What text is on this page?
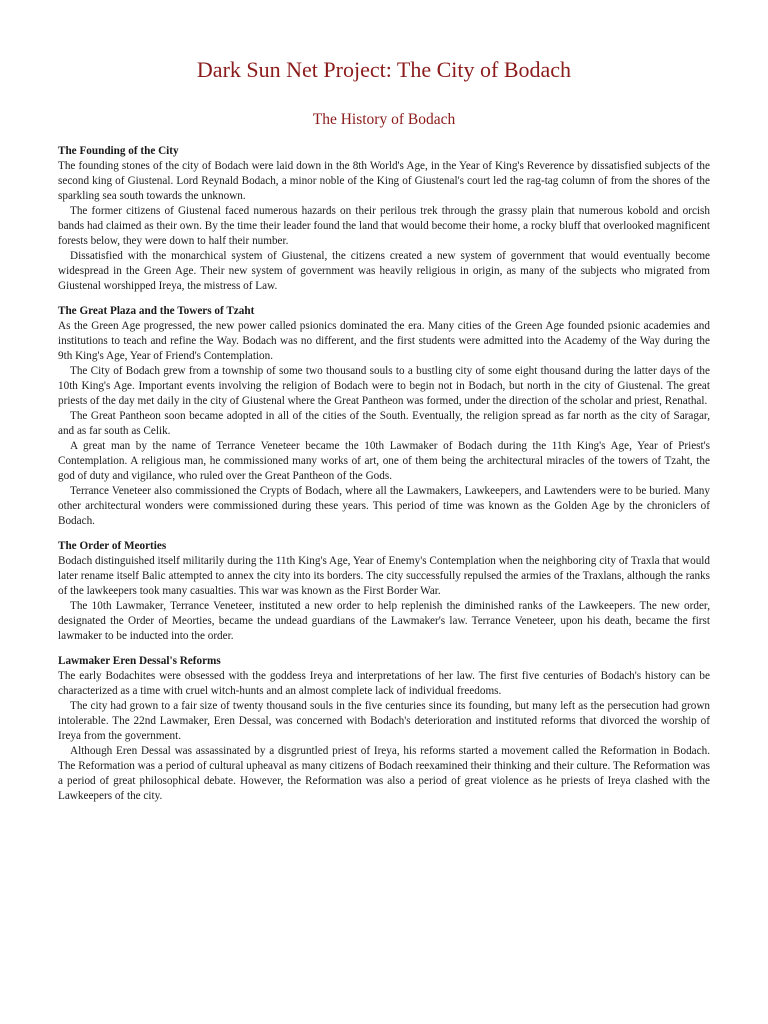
Dark Sun Net Project: The City of Bodach
The History of Bodach

The Founding of the City

The founding stones of the city of Bodach were laid down in the 8th World's Age, in the Year of King's Reverence by dissatisfied subjects of the second king of Giustenal. Lord Reynald Bodach, a minor noble of the King of Giustenal's court led the rag-tag column of from the shores of the sparkling sea south towards the unknown.

The former citizens of Giustenal faced numerous hazards on their perilous trek through the grassy plain that numerous kobold and orcish bands had claimed as their own. By the time their leader found the land that would become their home, a rocky bluff that overlooked magnificent forests below, they were down to half their number.

Dissatisfied with the monarchical system of Giustenal, the citizens created a new system of government that would eventually become widespread in the Green Age. Their new system of government was heavily religious in origin, as many of the subjects who migrated from Giustenal worshipped Ireya, the mistress of Law.

The Great Plaza and the Towers of Tzaht

As the Green Age progressed, the new power called psionics dominated the era. Many cities of the Green Age founded psionic academies and institutions to teach and refine the Way. Bodach was no different, and the first students were admitted into the Academy of the Way during the 9th King's Age, Year of Friend's Contemplation.

The City of Bodach grew from a township of some two thousand souls to a bustling city of some eight thousand during the latter days of the 10th King's Age. Important events involving the religion of Bodach were to begin not in Bodach, but north in the city of Giustenal. The great priests of the day met daily in the city of Giustenal where the Great Pantheon was formed, under the direction of the scholar and priest, Renathal.

The Great Pantheon soon became adopted in all of the cities of the South. Eventually, the religion spread as far north as the city of Saragar, and as far south as Celik.

A great man by the name of Terrance Veneteer became the 10th Lawmaker of Bodach during the 11th King's Age, Year of Priest's Contemplation. A religious man, he commissioned many works of art, one of them being the architectural miracles of the towers of Tzaht, the god of duty and vigilance, who ruled over the Great Pantheon of the Gods.

Terrance Veneteer also commissioned the Crypts of Bodach, where all the Lawmakers, Lawkeepers, and Lawtenders were to be buried. Many other architectural wonders were commissioned during these years. This period of time was known as the Golden Age by the chroniclers of Bodach.

The Order of Meorties

Bodach distinguished itself militarily during the 11th King's Age, Year of Enemy's Contemplation when the neighboring city of Traxla that would later rename itself Balic attempted to annex the city into its borders. The city successfully repulsed the armies of the Traxlans, although the ranks of the lawkeepers took many casualties. This war was known as the First Border War.

The 10th Lawmaker, Terrance Veneteer, instituted a new order to help replenish the diminished ranks of the Lawkeepers. The new order, designated the Order of Meorties, became the undead guardians of the Lawmaker's law. Terrance Veneteer, upon his death, became the first lawmaker to be inducted into the order.

Lawmaker Eren Dessal's Reforms

The early Bodachites were obsessed with the goddess Ireya and interpretations of her law. The first five centuries of Bodach's history can be characterized as a time with cruel witch-hunts and an almost complete lack of individual freedoms.

The city had grown to a fair size of twenty thousand souls in the five centuries since its founding, but many left as the persecution had grown intolerable. The 22nd Lawmaker, Eren Dessal, was concerned with Bodach's deterioration and instituted reforms that divorced the worship of Ireya from the government.

Although Eren Dessal was assassinated by a disgruntled priest of Ireya, his reforms started a movement called the Reformation in Bodach. The Reformation was a period of cultural upheaval as many citizens of Bodach reexamined their thinking and their culture. The Reformation was a period of great philosophical debate. However, the Reformation was also a period of great violence as he priests of Ireya clashed with the Lawkeepers of the city.
